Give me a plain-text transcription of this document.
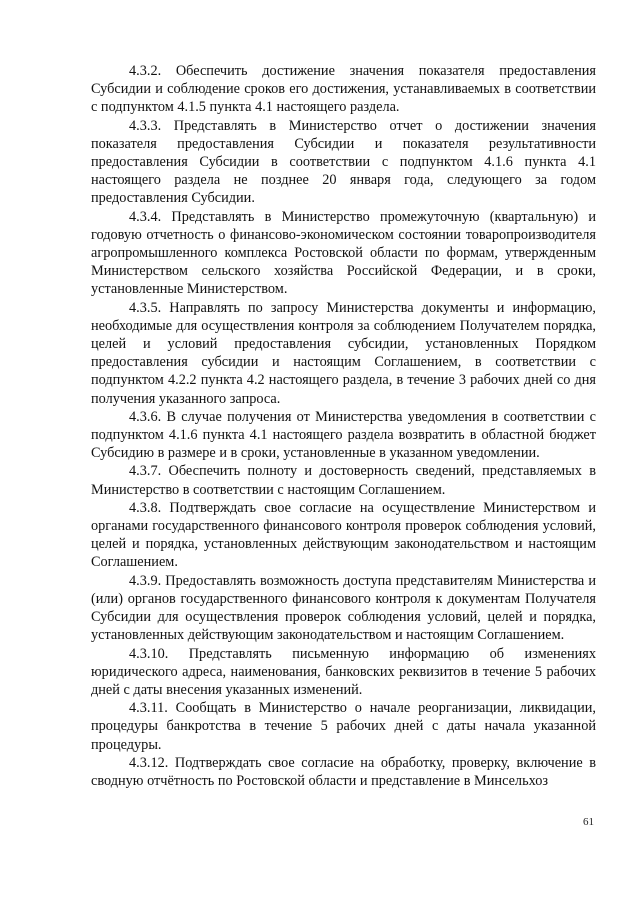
4.3.2. Обеспечить достижение значения показателя предоставления Субсидии и соблюдение сроков его достижения, устанавливаемых в соответствии с подпунктом 4.1.5 пункта 4.1 настоящего раздела.

4.3.3. Представлять в Министерство отчет о достижении значения показателя предоставления Субсидии и показателя результативности предоставления Субсидии в соответствии с подпунктом 4.1.6 пункта 4.1 настоящего раздела не позднее 20 января года, следующего за годом предоставления Субсидии.

4.3.4. Представлять в Министерство промежуточную (квартальную) и годовую отчетность о финансово-экономическом состоянии товаропроизводителя агропромышленного комплекса Ростовской области по формам, утвержденным Министерством сельского хозяйства Российской Федерации, и в сроки, установленные Министерством.

4.3.5. Направлять по запросу Министерства документы и информацию, необходимые для осуществления контроля за соблюдением Получателем порядка, целей и условий предоставления субсидии, установленных Порядком предоставления субсидии и настоящим Соглашением, в соответствии с подпунктом 4.2.2 пункта 4.2 настоящего раздела, в течение 3 рабочих дней со дня получения указанного запроса.

4.3.6. В случае получения от Министерства уведомления в соответствии с подпунктом 4.1.6 пункта 4.1 настоящего раздела возвратить в областной бюджет Субсидию в размере и в сроки, установленные в указанном уведомлении.

4.3.7. Обеспечить полноту и достоверность сведений, представляемых в Министерство в соответствии с настоящим Соглашением.

4.3.8. Подтверждать свое согласие на осуществление Министерством и органами государственного финансового контроля проверок соблюдения условий, целей и порядка, установленных действующим законодательством и настоящим Соглашением.

4.3.9. Предоставлять возможность доступа представителям Министерства и (или) органов государственного финансового контроля к документам Получателя Субсидии для осуществления проверок соблюдения условий, целей и порядка, установленных действующим законодательством и настоящим Соглашением.

4.3.10. Представлять письменную информацию об изменениях юридического адреса, наименования, банковских реквизитов в течение 5 рабочих дней с даты внесения указанных изменений.

4.3.11. Сообщать в Министерство о начале реорганизации, ликвидации, процедуры банкротства в течение 5 рабочих дней с даты начала указанной процедуры.

4.3.12. Подтверждать свое согласие на обработку, проверку, включение в сводную отчётность по Ростовской области и представление в Минсельхоз

61
